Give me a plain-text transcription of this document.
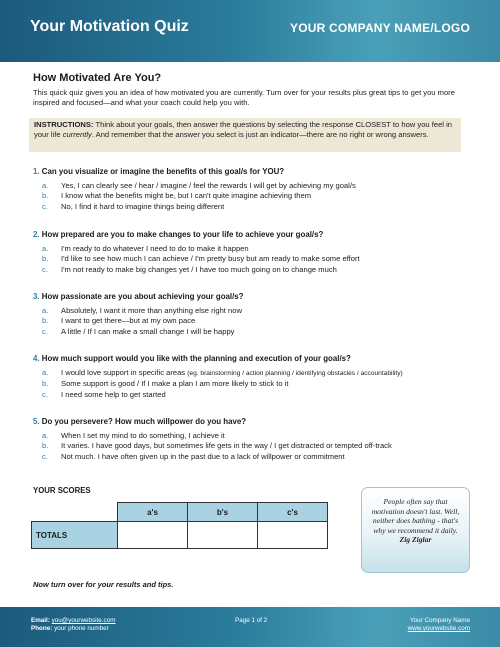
Your Motivation Quiz	YOUR COMPANY NAME/LOGO
How Motivated Are You?
This quick quiz gives you an idea of how motivated you are currently. Turn over for your results plus great tips to get you more inspired and focused—and what your coach could help you with.
INSTRUCTIONS: Think about your goals, then answer the questions by selecting the response CLOSEST to how you feel in your life currently. And remember that the answer you select is just an indicator—there are no right or wrong answers.
1. Can you visualize or imagine the benefits of this goal/s for YOU?
a.	Yes, I can clearly see / hear / imagine / feel the rewards I will get by achieving my goal/s
b.	I know what the benefits might be, but I can't quite imagine achieving them
c.	No, I find it hard to imagine things being different
2. How prepared are you to make changes to your life to achieve your goal/s?
a.	I'm ready to do whatever I need to do to make it happen
b.	I'd like to see how much I can achieve / I'm pretty busy but am ready to make some effort
c.	I'm not ready to make big changes yet / I have too much going on to change much
3. How passionate are you about achieving your goal/s?
a.	Absolutely, I want it more than anything else right now
b.	I want to get there—but at my own pace
c.	A little / If I can make a small change I will be happy
4. How much support would you like with the planning and execution of your goal/s?
a.	I would love support in specific areas (eg. brainstorming / action planning / identifying obstacles / accountability)
b.	Some support is good / If I make a plan I am more likely to stick to it
c.	I need some help to get started
5. Do you persevere? How much willpower do you have?
a.	When I set my mind to do something, I achieve it
b.	It varies. I have good days, but sometimes life gets in the way / I get distracted or tempted off-track
c.	Not much. I have often given up in the past due to a lack of willpower or commitment
YOUR SCORES
	a's	b's	c's
TOTALS			
People often say that motivation doesn't last. Well, neither does bathing - that's why we recommend it daily.
Zig Ziglar
Now turn over for your results and tips.
Email: you@yourwebsite.com
Phone: your phone number
Page 1 of 2	Your Company Name
www.yourwebsite.com
